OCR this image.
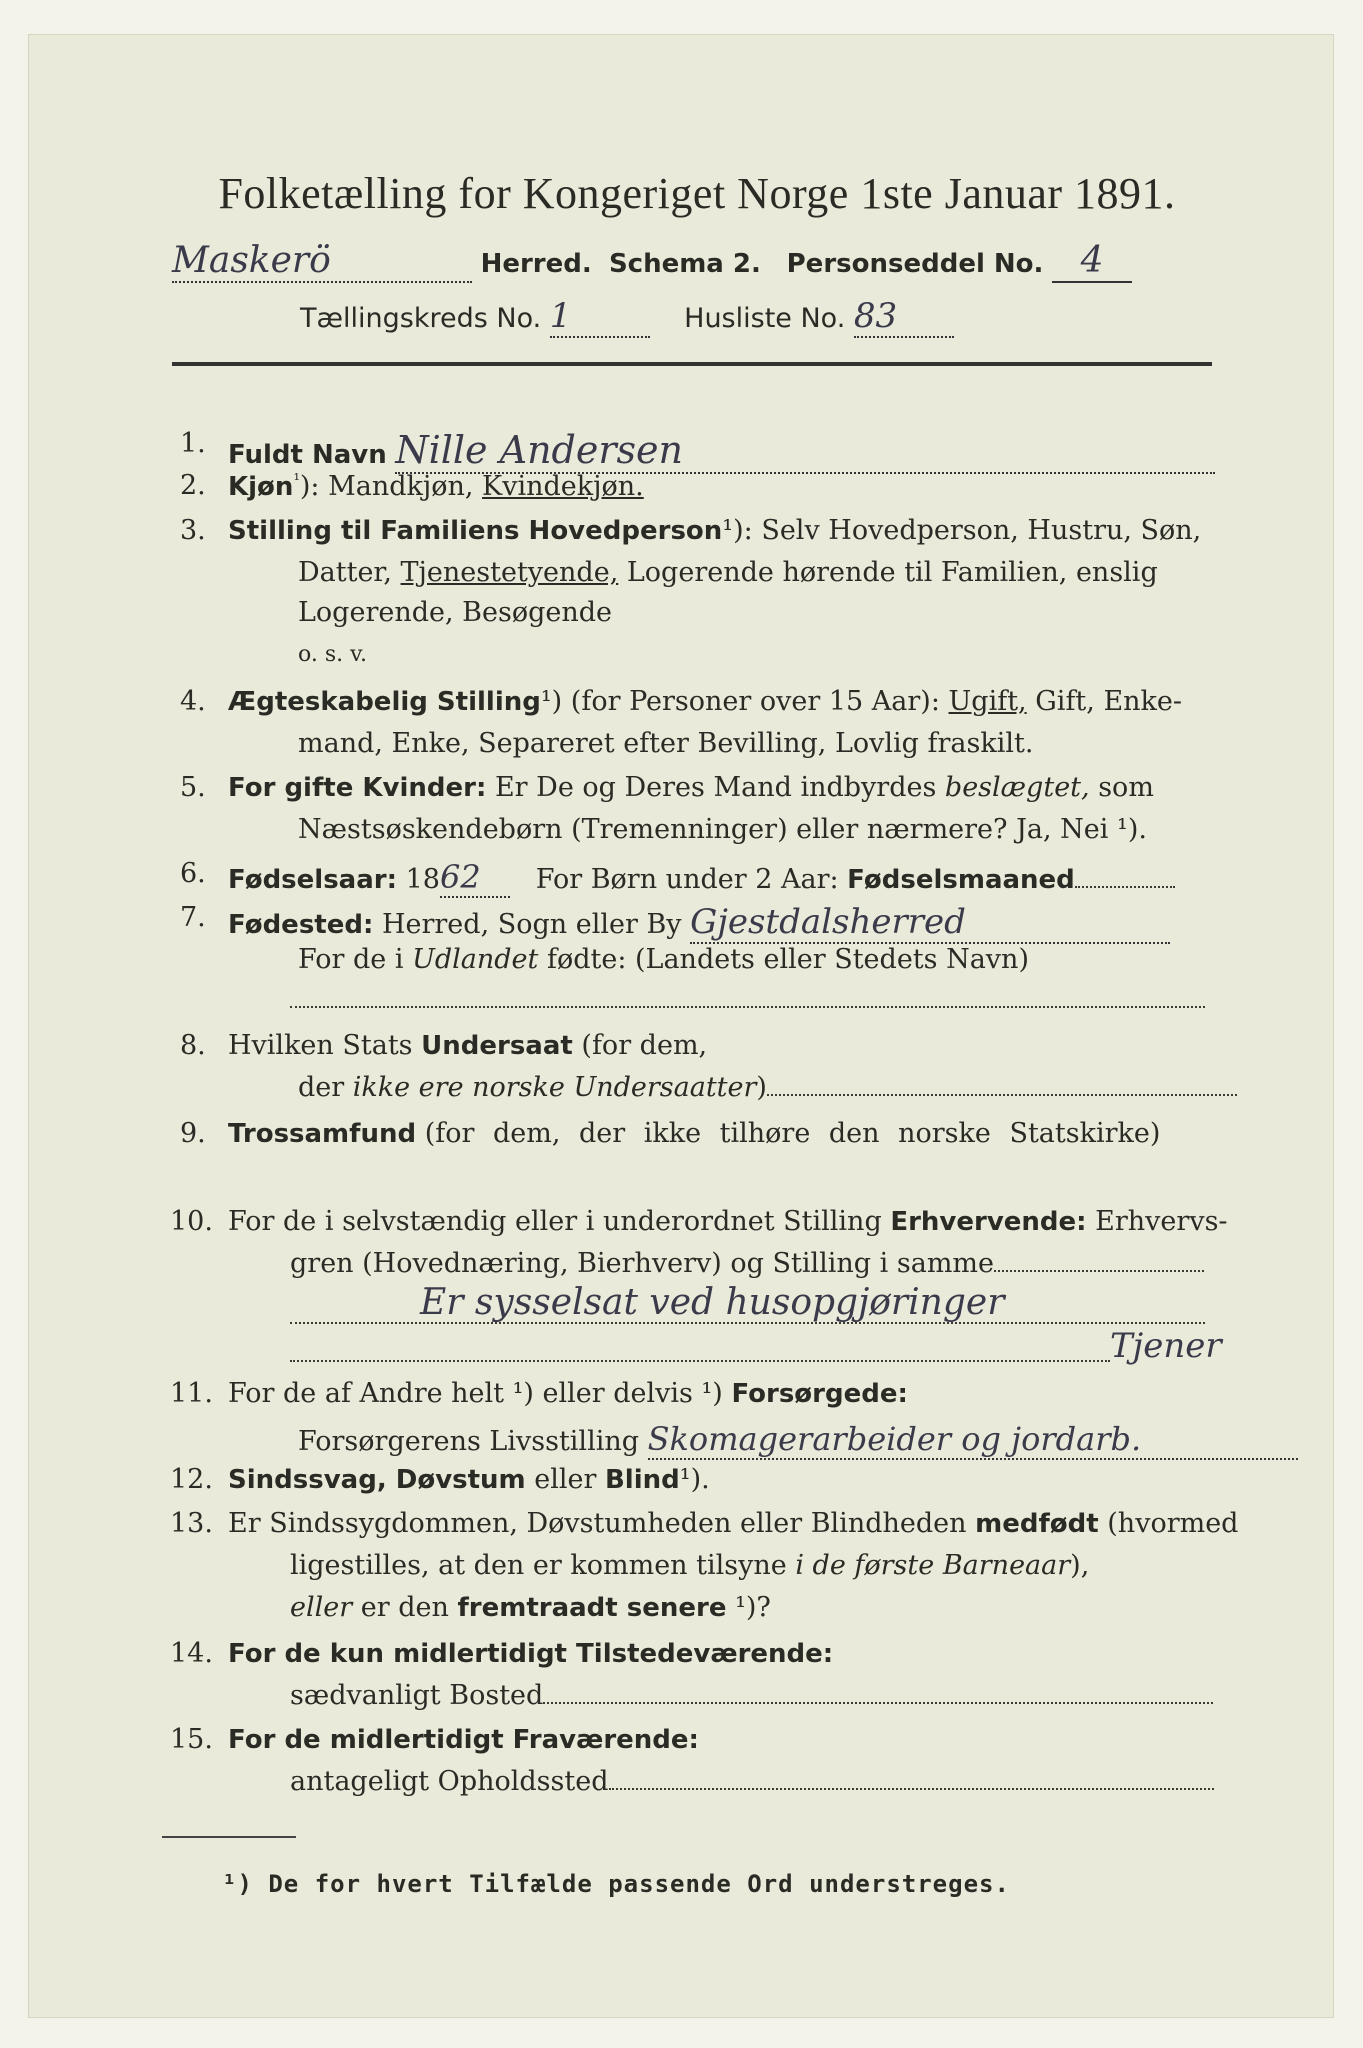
Folketælling for Kongeriget Norge 1ste Januar 1891.
Maskerö	Herred. Schema 2. Personseddel No. 4
Tællingskreds No. 1	Husliste No. 83
1. Fuldt Navn Nille Andersen
2. Kjøn$^{^1}$): Mandkjøn, Kvindekjøn.
3. Stilling til Familiens Hovedperson¹): Selv Hovedperson, Hustru, Søn,
Datter, Tjenestetyende, Logerende hørende til Familien, enslig
Logerende, Besøgende
o. s. v.
4. Ægteskabelig Stilling¹) (for Personer over 15 Aar): Ugift, Gift, Enke-
mand, Enke, Separeret efter Bevilling, Lovlig fraskilt.
5. For gifte Kvinder: Er De og Deres Mand indbyrdes beslægtet, som
Næstsøskendebørn (Tremenninger) eller nærmere? Ja, Nei ¹).
6. Fødselsaar: 1862 For Børn under 2 Aar: Fødselsmaaned
7. Fødested: Herred, Sogn eller By Gjestdalsherred
For de i Udlandet fødte: (Landets eller Stedets Navn)
8. Hvilken Stats Undersaat (for dem,
der ikke ere norske Undersaatter)
9. Trossamfund (for dem, der ikke tilhøre den norske Statskirke)
10. For de i selvstændig eller i underordnet Stilling Erhvervende: Erhvervs-
gren (Hovednæring, Bierhverv) og Stilling i samme
Er sysselsat ved husopgjøringer
Tjener
11. For de af Andre helt ¹) eller delvis ¹) Forsørgede:
Forsørgerens Livsstilling Skomagerarbeider og jordarb.
12. Sindssvag, Døvstum eller Blind¹).
13. Er Sindssygdommen, Døvstumheden eller Blindheden medfødt (hvormed
ligestilles, at den er kommen tilsyne i de første Barneaar),
eller er den fremtraadt senere ¹)?
14. For de kun midlertidigt Tilstedeværende:
sædvanligt Bosted
15. For de midlertidigt Fraværende:
antageligt Opholdssted
¹) De for hvert Tilfælde passende Ord understreges.
